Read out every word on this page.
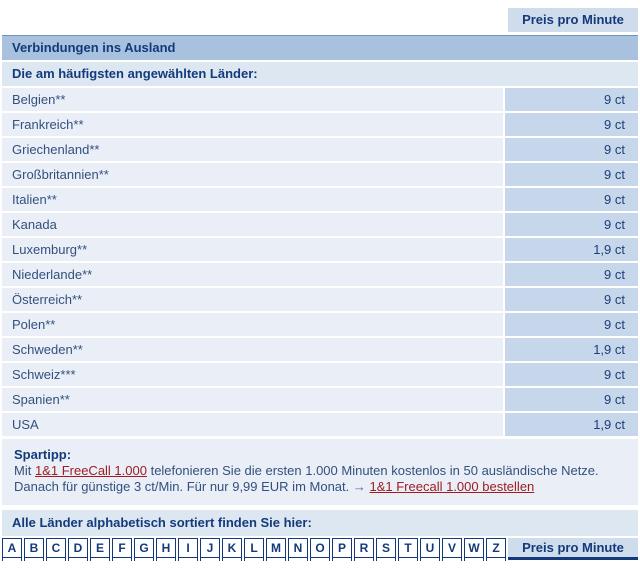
Preis pro Minute
Verbindungen ins Ausland
Die am häufigsten angewählten Länder:
Belgien**	9 ct
Frankreich**	9 ct
Griechenland**	9 ct
Großbritannien**	9 ct
Italien**	9 ct
Kanada	9 ct
Luxemburg**	1,9 ct
Niederlande**	9 ct
Österreich**	9 ct
Polen**	9 ct
Schweden**	1,9 ct
Schweiz***	9 ct
Spanien**	9 ct
USA	1,9 ct
Spartipp:
Mit 1&1 FreeCall 1.000 telefonieren Sie die ersten 1.000 Minuten kostenlos in 50 ausländische Netze. Danach für günstige 3 ct/Min. Für nur 9,99 EUR im Monat. → 1&1 Freecall 1.000 bestellen
Alle Länder alphabetisch sortiert finden Sie hier:
A	B	C	D	E	F	G	H	I	J	K	L	M	N	O	P	R	S	T	U	V	W	Z	Preis pro Minute
